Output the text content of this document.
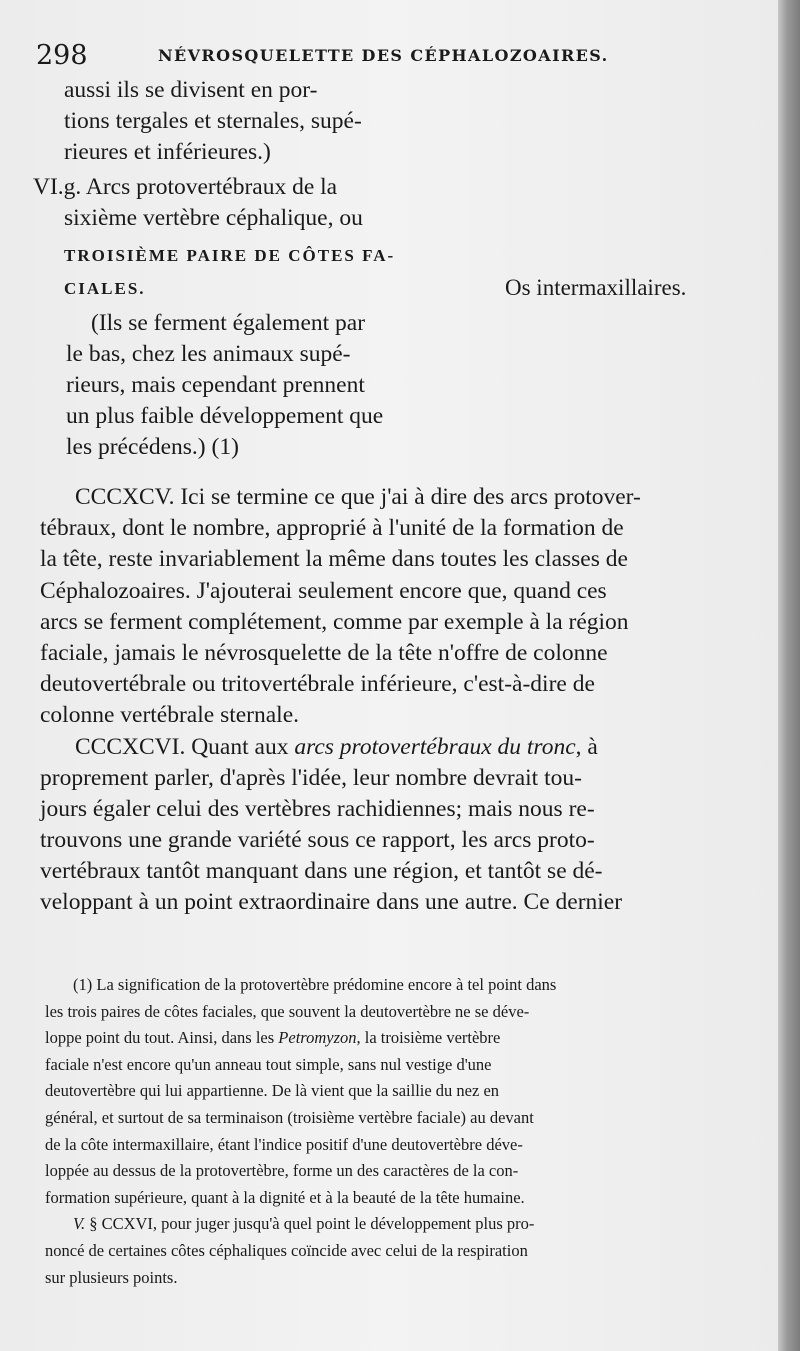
298	NÉVROSQUELETTE DES CÉPHALOZOAIRES.
aussi ils se divisent en por-
tions tergales et sternales, supé-
rieures et inférieures.)
VI.g. Arcs protovertébraux de la
sixième vertèbre céphalique, ou
TROISIÈME PAIRE DE CÔTES FA-
CIALES.
(Ils se ferment également par
le bas, chez les animaux supé-
rieurs, mais cependant prennent
un plus faible développement que
les précédens.) (1)
Os intermaxillaires.
CCCXCV. Ici se termine ce que j'ai à dire des arcs protover-
tébraux, dont le nombre, approprié à l'unité de la formation de
la tête, reste invariablement la même dans toutes les classes de
Céphalozoaires. J'ajouterai seulement encore que, quand ces
arcs se ferment complétement, comme par exemple à la région
faciale, jamais le névrosquelette de la tête n'offre de colonne
deutovertébrale ou tritovertébrale inférieure, c'est-à-dire de
colonne vertébrale sternale.
CCCXCVI. Quant aux arcs protovertébraux du tronc, à
proprement parler, d'après l'idée, leur nombre devrait tou-
jours égaler celui des vertèbres rachidiennes; mais nous re-
trouvons une grande variété sous ce rapport, les arcs proto-
vertébraux tantôt manquant dans une région, et tantôt se dé-
veloppant à un point extraordinaire dans une autre. Ce dernier
(1) La signification de la protovertèbre prédomine encore à tel point dans
les trois paires de côtes faciales, que souvent la deutovertèbre ne se déve-
loppe point du tout. Ainsi, dans les Petromyzon, la troisième vertèbre
faciale n'est encore qu'un anneau tout simple, sans nul vestige d'une
deutovertèbre qui lui appartienne. De là vient que la saillie du nez en
général, et surtout de sa terminaison (troisième vertèbre faciale) au devant
de la côte intermaxillaire, étant l'indice positif d'une deutovertèbre déve-
loppée au dessus de la protovertèbre, forme un des caractères de la con-
formation supérieure, quant à la dignité et à la beauté de la tête humaine.
V. § CCXVI, pour juger jusqu'à quel point le développement plus pro-
noncé de certaines côtes céphaliques coïncide avec celui de la respiration
sur plusieurs points.
